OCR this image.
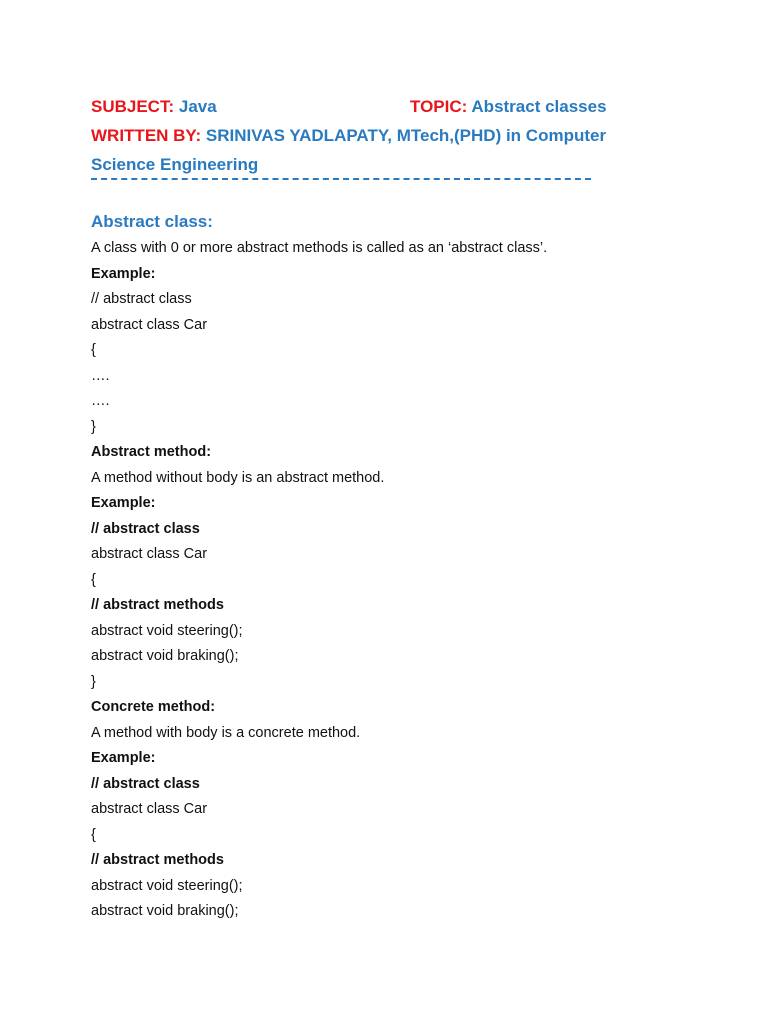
SUBJECT: Java	TOPIC: Abstract classes
WRITTEN BY: SRINIVAS YADLAPATY, MTech,(PHD) in Computer
Science Engineering
Abstract class:
A class with 0 or more abstract methods is called as an ‘abstract class’.
Example:
// abstract class
abstract class Car
{
….
….
}
Abstract method:
A method without body is an abstract method.
Example:
// abstract class
abstract class Car
{
// abstract methods
abstract void steering();
abstract void braking();
}
Concrete method:
A method with body is a concrete method.
Example:
// abstract class
abstract class Car
{
// abstract methods
abstract void steering();
abstract void braking();
